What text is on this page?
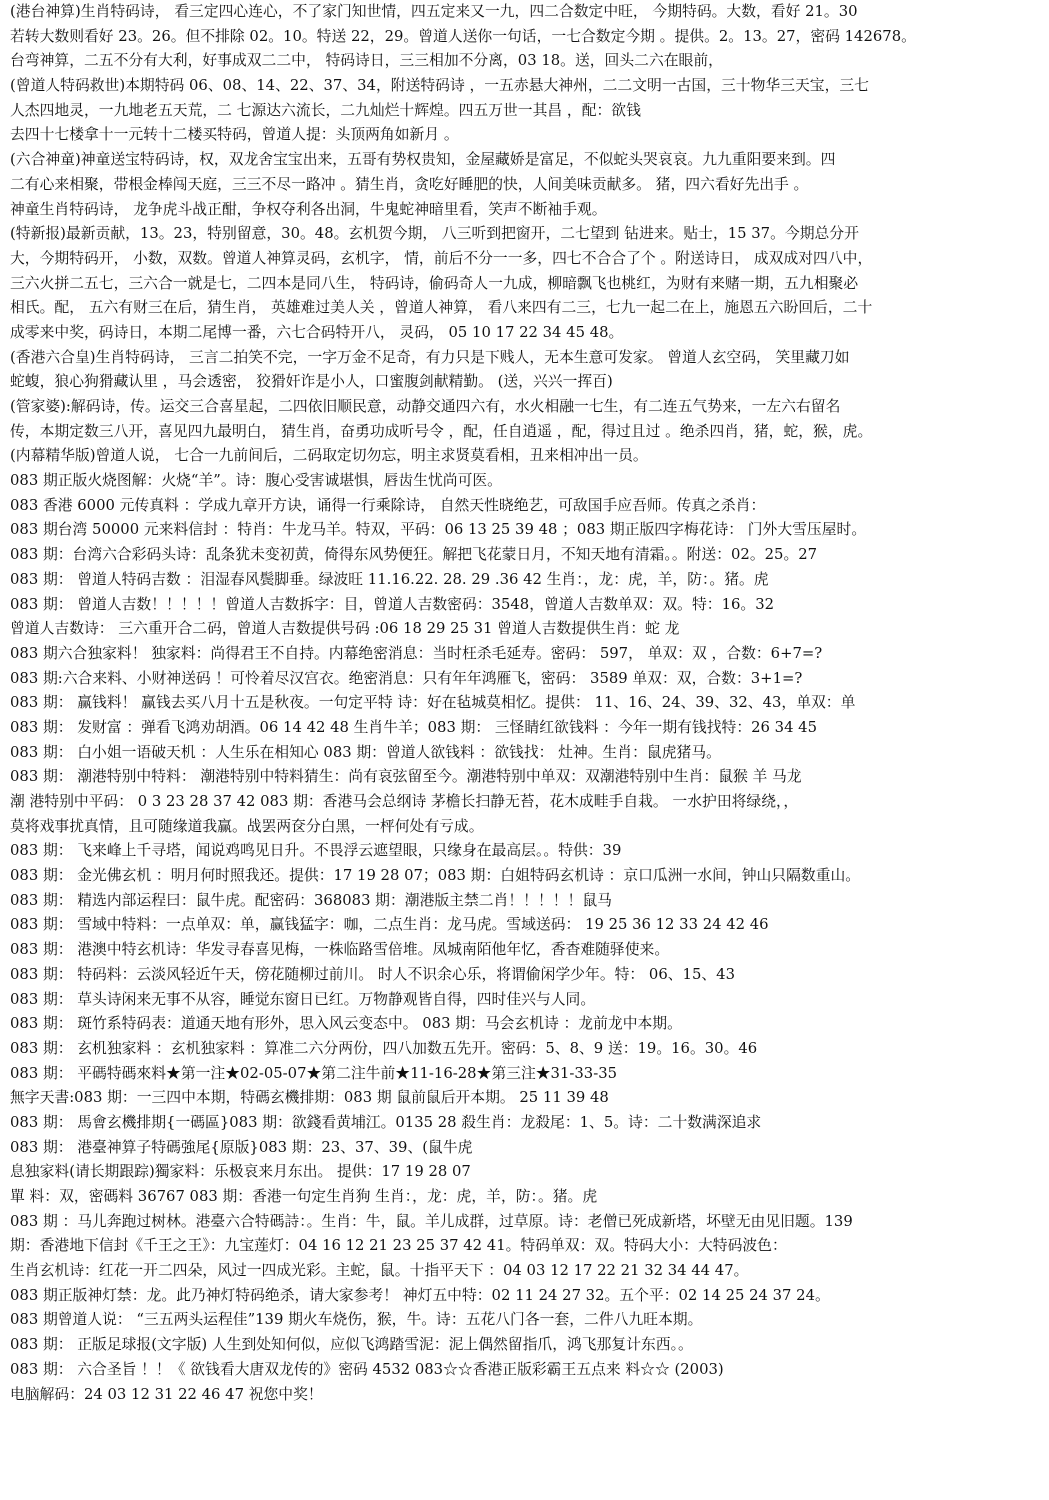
(港台神算)生肖特码诗， 看三定四心连心，不了家门知世情，四五定来又一九，四二合数定中旺， 今期特码。大数，看好 21。30

若转大数则看好 23。26。但不排除 02。10。特送 22，29。曾道人送你一句话，一七合数定今期 。提供。2。13。27，密码 142678。

台弯神算，二五不分有大利，好事成双二二中， 特码诗日，三三相加不分离，03 18。送，回头二六在眼前，

(曾道人特码救世)本期特码 06、08、14、22、37、34，附送特码诗 ，一五赤悬大神州，二二文明一古国，三十物华三天宝，三七

人杰四地灵，一九地老五天荒，二 七源达六流长，二九灿烂十辉煌。四五万世一其昌 ，配：欲钱

去四十七楼拿十一元转十二楼买特码，曾道人提：头顶两角如新月 。

(六合神童)神童送宝特码诗，权，双龙舍宝宝出来，五哥有势权贵知，金屋藏娇是富足，不似蛇头哭哀哀。九九重阳要来到。四

二有心来相聚，带根金棒闯天庭，三三不尽一路冲 。猜生肖，贪吃好睡肥的快，人间美味贡献多。 猪，四六看好先出手 。

神童生肖特码诗， 龙争虎斗战正酣，争权夺利各出洞，牛鬼蛇神暗里看，笑声不断袖手观。

(特新报)最新贡献，13。23，特别留意，30。48。玄机贺今期， 八三听到把窗开，二七望到 钻进来。贴士，15 37。今期总分开

大，今期特码开， 小数，双数。曾道人神算灵码，玄机字， 情，前后不分一一多，四七不合合了个 。附送诗日， 成双成对四八中，

三六火拼二五七，三六合一就是七，二四本是同八生， 特码诗，偷码奇人一九成，柳暗飘飞也桃红，为财有来赌一期，五九相聚必

相氏。配， 五六有财三在后，猜生肖， 英雄难过美人关 ，曾道人神算， 看八来四有二三，七九一起二在上，施恩五六盼回后，二十

成零来中奖，码诗日，本期二尾博一番，六七合码特开八， 灵码， 05 10 17 22 34 45 48。

(香港六合皇)生肖特码诗， 三言二拍笑不完，一字万金不足奇，有力只是下贱人，无本生意可发家。 曾道人玄空码， 笑里藏刀如

蛇蝮，狼心狗猾藏认里 ，马会透密， 狡猾奸诈是小人，口蜜腹剑献精勤。 (送，兴兴一挥百)

(管家婆):解码诗，传。运交三合喜星起，二四依旧顺民意，动静交通四六有，水火相融一七生，有二连五气势来，一左六右留名

传，本期定数三八开，喜见四九最明白， 猜生肖，奋勇功成听号令 ，配，任自逍遥 ，配，得过且过 。绝杀四肖，猪，蛇，猴，虎。

(内幕精华版)曾道人说， 七合一九前间后，二码取定切勿忘，明主求贤莫看相，丑来相冲出一员。

083 期正版火烧图解：火烧“羊”。诗：腹心受害诚堪惧，唇齿生忧尚可医。

083 香港 6000 元传真料 ：学成九章开方诀，诵得一行乘除诗， 自然天性晓绝艺，可敌国手应吾师。传真之杀肖：

083 期台湾 50000 元来料信封 ：特肖：牛龙马羊。特双，平码：06 13 25 39 48 ；083 期正版四字梅花诗： 门外大雪压屋时。

083 期：台湾六合彩码头诗：乱条犹未变初黄，倚得东风势便狂。解把飞花蒙日月，不知天地有清霜。。附送：02。25。27

083 期： 曾道人特码吉数 ：泪湿春风鬓脚垂。绿波旺 11.16.22. 28. 29 .36 42 生肖：，龙：虎，羊，防：。猪。虎

083 期： 曾道人吉数！！！！！曾道人吉数拆字：目，曾道人吉数密码：3548，曾道人吉数单双：双。特：16。32

曾道人吉数诗： 三六重开合二码，曾道人吉数提供号码 :06 18 29 25 31 曾道人吉数提供生肖：蛇 龙

083 期六合独家料！ 独家料：尚得君王不自持。内幕绝密消息：当时枉杀毛延寿。密码： 597， 单双：双 ，合数：6+7=?

083 期:六合来料、小财神送码 ！可怜着尽汉宫衣。绝密消息：只有年年鸿雁飞，密码： 3589 单双：双，合数：3+1=?

083 期： 赢钱料！ 赢钱去买八月十五是秋夜。一句定平特 诗：好在毡城莫相忆。提供： 11、16、24、39、32、43，单双：单

083 期： 发财富 ：弹看飞鸿劝胡酒。06 14 42 48 生肖牛羊；083 期： 三怪睛红欲钱料 ：今年一期有钱找特：26 34 45

083 期： 白小姐一语破天机 ：人生乐在相知心 083 期：曾道人欲钱料 ：欲钱找： 灶神。生肖：鼠虎猪马。

083 期： 潮港特别中特料： 潮港特别中特料猜生：尚有哀弦留至今。潮港特别中单双：双潮港特别中生肖：鼠猴 羊 马龙

潮 港特别中平码： 0 3 23 28 37 42 083 期：香港马会总纲诗 茅檐长扫静无苔，花木成畦手自栽。 一水护田将绿绕，，

莫将戏事扰真情，且可随缘道我赢。战罢两奁分白黑，一枰何处有亏成。

083 期： 飞来峰上千寻塔，闻说鸡鸣见日升。不畏浮云遮望眼，只缘身在最高层。。特供：39

083 期： 金光佛玄机 ：明月何时照我还。提供：17 19 28 07；083 期：白姐特码玄机诗 ：京口瓜洲一水间，钟山只隔数重山。

083 期： 精选内部运程曰：鼠牛虎。配密码：368083 期：潮港版主禁二肖！！！！！鼠马

083 期： 雪域中特料：一点单双：单，赢钱猛字：咖，二点生肖：龙马虎。雪域送码： 19 25 36 12 33 24 42 46

083 期： 港澳中特玄机诗：华发寻春喜见梅，一株临路雪倍堆。凤城南陌他年忆，香杳难随驿使来。

083 期： 特码料：云淡风轻近午天，傍花随柳过前川。 时人不识余心乐，将谓偷闲学少年。特： 06、15、43

083 期： 草头诗闲来无事不从容，睡觉东窗日已红。万物静观皆自得，四时佳兴与人同。

083 期： 斑竹系特码表：道通天地有形外，思入风云变态中。 083 期：马会玄机诗 ：龙前龙中本期。

083 期： 玄机独家料 ：玄机独家料 ：算准二六分两份，四八加数五先开。密码：5、8、9 送：19。16。30。46

083 期： 平碼特碼來料★第一注★02-05-07★第二注牛前★11-16-28★第三注★31-33-35

無字天書:083 期：一三四中本期，特碼玄機排期：083 期 鼠前鼠后开本期。 25 11 39 48

083 期： 馬會玄機排期{一碼區}083 期：欲錢看黄埔江。0135 28 殺生肖：龙殺尾：1、5。诗：二十数满深追求

083 期： 港臺神算子特碼強尾{原版}083 期：23、37、39、(鼠牛虎

息独家料(请长期跟踪)獨家料：乐极哀来月东出。 提供：17 19 28 07

單 料：双，密碼料 36767 083 期：香港一句定生肖狗 生肖：，龙：虎，羊，防：。猪。虎

083 期 ：马儿奔跑过树林。港臺六合特碼詩：。生肖：牛，鼠。羊儿成群，过草原。诗：老僧已死成新塔，坏壁无由见旧题。139

期：香港地下信封《千王之王》：九宝莲灯：04 16 12 21 23 25 37 42 41。特码单双：双。特码大小：大特码波色：

生肖玄机诗：红花一开二四朵，风过一四成光彩。主蛇，鼠。十指平天下 ：04 03 12 17 22 21 32 34 44 47。

083 期正版神灯禁：龙。此乃神灯特码绝杀，请大家参考！ 神灯五中特：02 11 24 27 32。五个平：02 14 25 24 37 24。

083 期曾道人说： “三五两头运程佳”139 期火车烧伤，猴，牛。诗：五花八门各一套，二件八九旺本期。

083 期： 正版足球报(文字版) 人生到处知何似，应似飞鸿踏雪泥：泥上偶然留指爪，鸿飞那复计东西。。

083 期： 六合圣旨 ！！《 欲钱看大唐双龙传的》密码 4532 083☆☆香港正版彩霸王五点来 料☆☆ (2003)

电脑解码：24 03 12 31 22 46 47 祝您中奖！
